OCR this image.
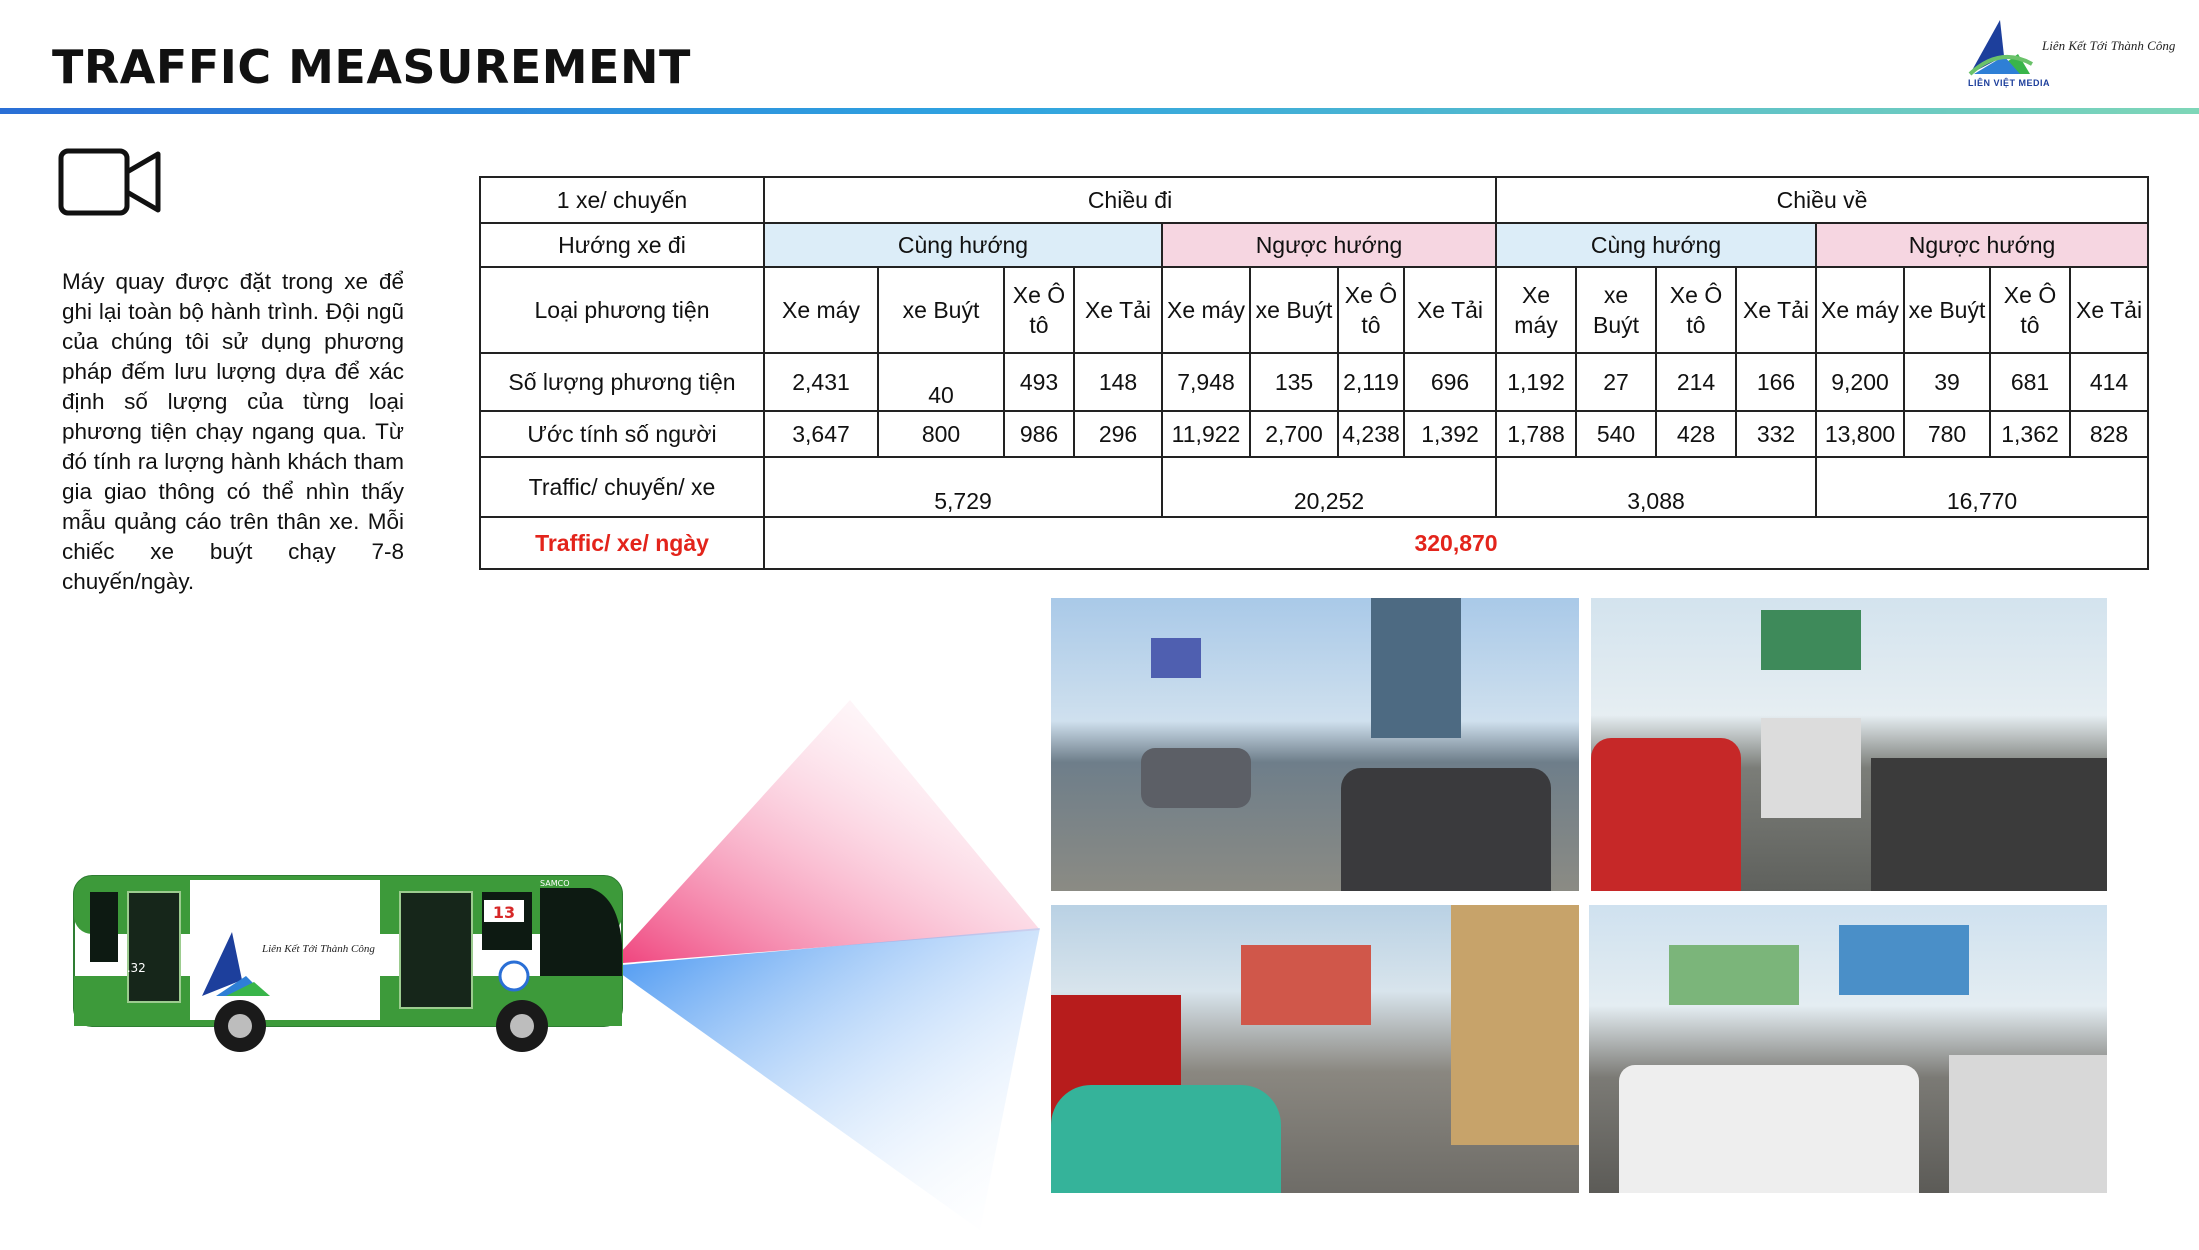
TRAFFIC MEASUREMENT	Liên Kết Tới Thành Công
LIÊN VIỆT MEDIA

Máy quay được đặt trong xe để ghi lại toàn bộ hành trình. Đội ngũ của chúng tôi sử dụng phương pháp đếm lưu lượng dựa để xác định số lượng của từng loại phương tiện chạy ngang qua. Từ đó tính ra lượng hành khách tham gia giao thông có thể nhìn thấy mẫu quảng cáo trên thân xe. Mỗi chiếc xe buýt chạy 7-8 chuyến/ngày.

1 xe/ chuyến	Chiều đi								Chiều về							
Hướng xe đi	Cùng hướng				Ngược hướng				Cùng hướng				Ngược hướng			
Loại phương tiện	Xe máy	xe Buýt	Xe Ô tô	Xe Tải	Xe máy	xe Buýt	Xe Ô tô	Xe Tải	Xe máy	xe Buýt	Xe Ô tô	Xe Tải	Xe máy	xe Buýt	Xe Ô tô	Xe Tải
Số lượng phương tiện	2,431	40	493	148	7,948	135	2,119	696	1,192	27	214	166	9,200	39	681	414
Ước tính số người	3,647	800	986	296	11,922	2,700	4,238	1,392	1,788	540	428	332	13,800	780	1,362	828
Traffic/ chuyến/ xe	5,729				20,252				3,088				16,770			
Traffic/ xe/ ngày	320,870															
13
51B-219.32
SAMCO
Liên Kết Tới Thành Công
